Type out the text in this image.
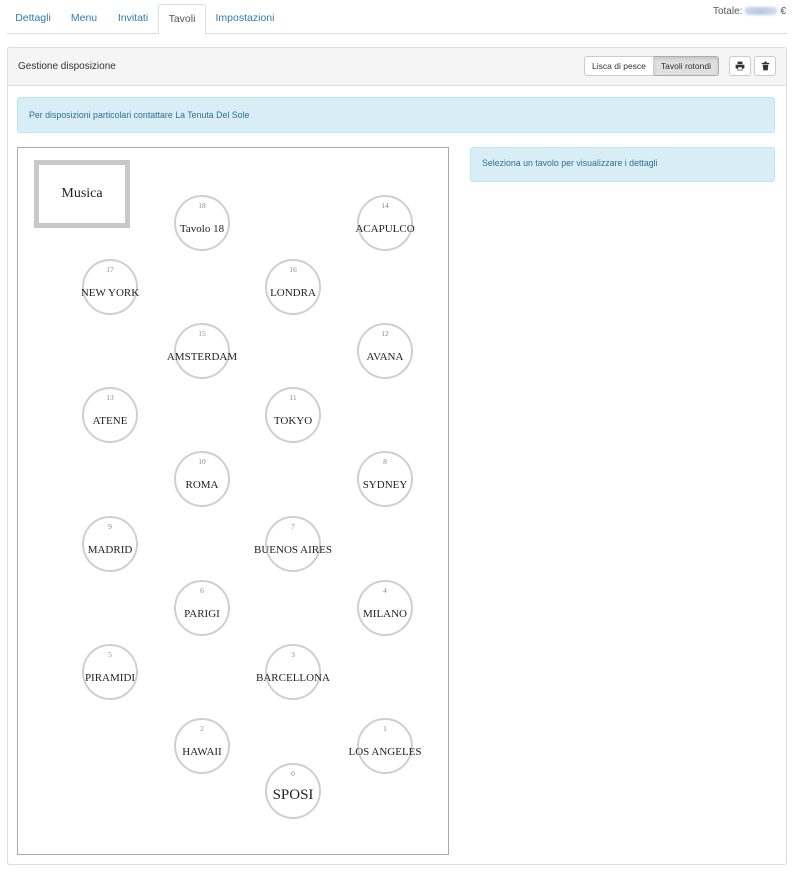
Dettagli	Menu	Invitati	Tavoli	Impostazioni
Totale:	€
Gestione disposizione	Lisca di pesce	Tavoli rotondi
Per disposizioni particolari contattare La Tenuta Del Sole
Seleziona un tavolo per visualizzare i dettagli
Musica
18
Tavolo 18
14
ACAPULCO
17
NEW YORK
16
LONDRA
15
AMSTERDAM
12
AVANA
13
ATENE
11
TOKYO
10
ROMA
8
SYDNEY
9
MADRID
7
BUENOS AIRES
6
PARIGI
4
MILANO
5
PIRAMIDI
3
BARCELLONA
2
HAWAII
1
LOS ANGELES
0
SPOSI
